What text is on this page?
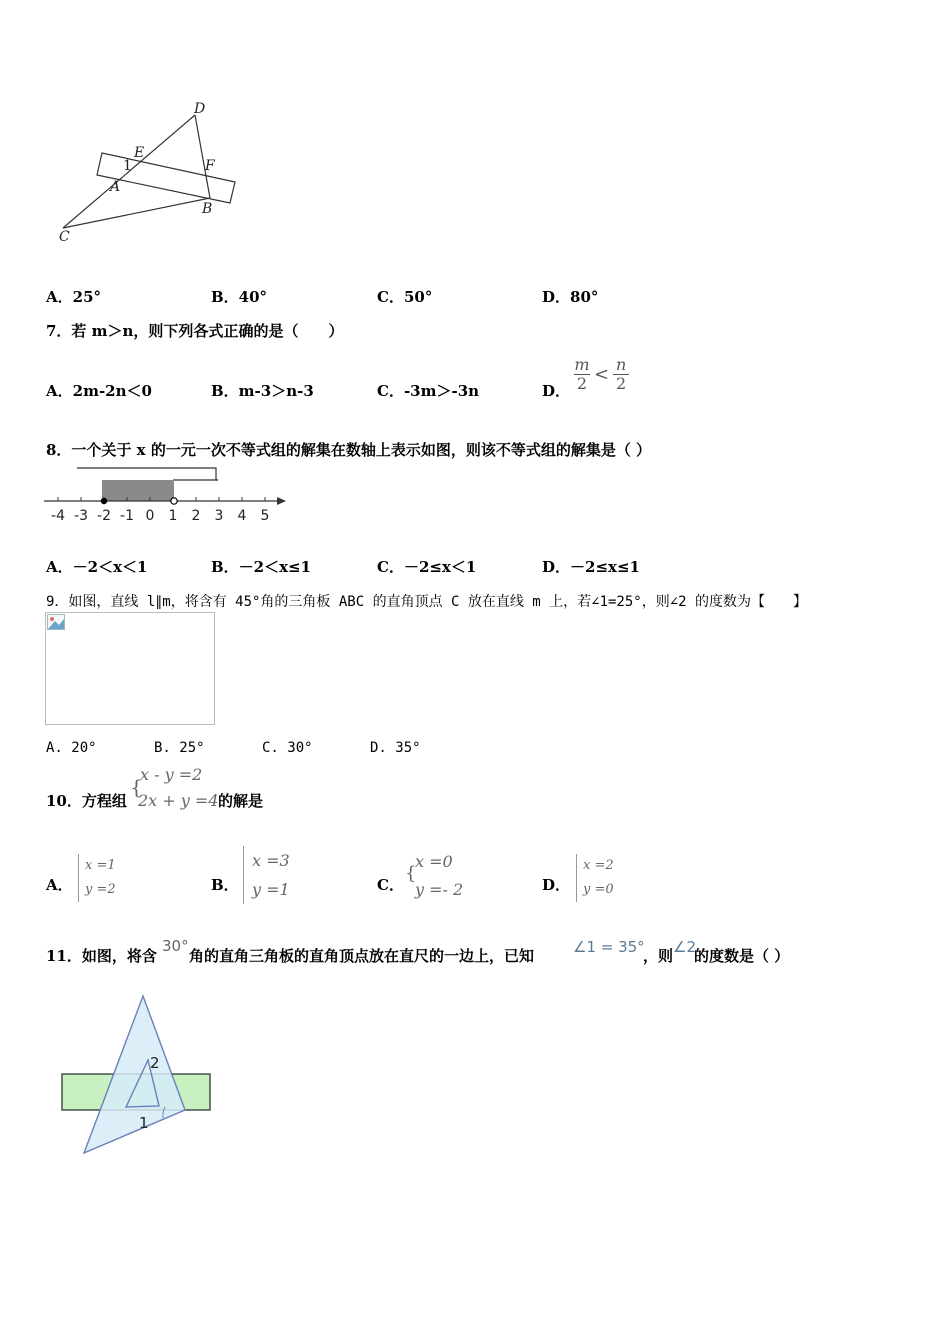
D
E
F
1
A
B
C
A．25°	B．40°	C．50°	D．80°
7．若 m＞n，则下列各式正确的是（　　）
A．2m-2n＜0	B．m-3＞n-3	C．-3m＞-3n	D． $\frac{m}{2} < \frac{n}{2}$
8．一个关于 x 的一元一次不等式组的解集在数轴上表示如图，则该不等式组的解集是（ ）
-4 -3 -2 -1 0 1 2 3 4 5
A．－2＜x＜1	B．－2＜x≤1	C．－2≤x＜1	D．－2≤x≤1
9．如图，直线 l∥m，将含有 45°角的三角板 ABC 的直角顶点 C 放在直线 m 上，若∠1=25°，则∠2 的度数为【　　】
A. 20°	B. 25°	C. 30°	D. 35°
10．方程组
{
x - y =2
2x + y =4 的解是
A．
x =1
y =2	B．
x =3
y =1	C．
{
x =0
y =- 2	D．
x =2
y =0
11．如图，将含
30°
角的直角三角板的直角顶点放在直尺的一边上，已知	∠1 = 35°
，则 ∠2
的度数是（ ）
2
1
